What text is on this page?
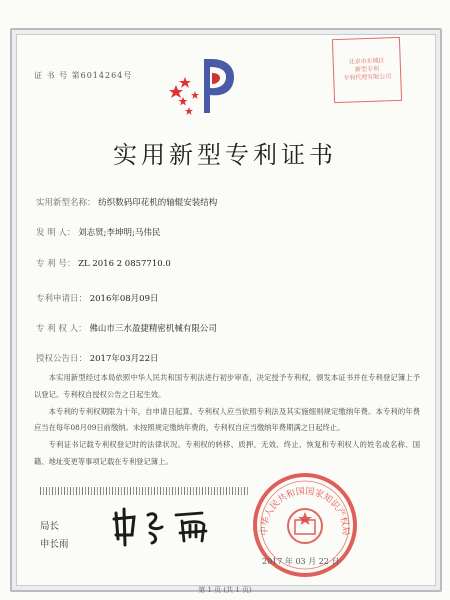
证 书 号 第6014264号
北京市东城区
新型专利
专利代理有限公司
实用新型专利证书
实用新型名称： 纺织数码印花机的轴辊安装结构
发 明 人： 刘志贤;李坤明;马伟民
专 利 号： ZL 2016 2 0857710.0
专利申请日： 2016年08月09日
专 利 权 人： 佛山市三水盈捷精密机械有限公司
授权公告日： 2017年03月22日

本实用新型经过本局依照中华人民共和国专利法进行初步审查，决定授予专利权，颁发本证书并在专利登记簿上予以登记。专利权自授权公告之日起生效。

本专利的专利权期限为十年，自申请日起算。专利权人应当依照专利法及其实施细则规定缴纳年费。本专利的年费应当在每年08月09日前缴纳。未按照规定缴纳年费的，专利权自应当缴纳年费期满之日起终止。

专利证书记载专利权登记时的法律状况。专利权的转移、质押、无效、终止、恢复和专利权人的姓名或名称、国籍、地址变更等事项记载在专利登记簿上。

局长
申长雨
中华人民共和国国家知识产权局
2017 年 03 月 22 日
第 1 页 (共 1 页)
